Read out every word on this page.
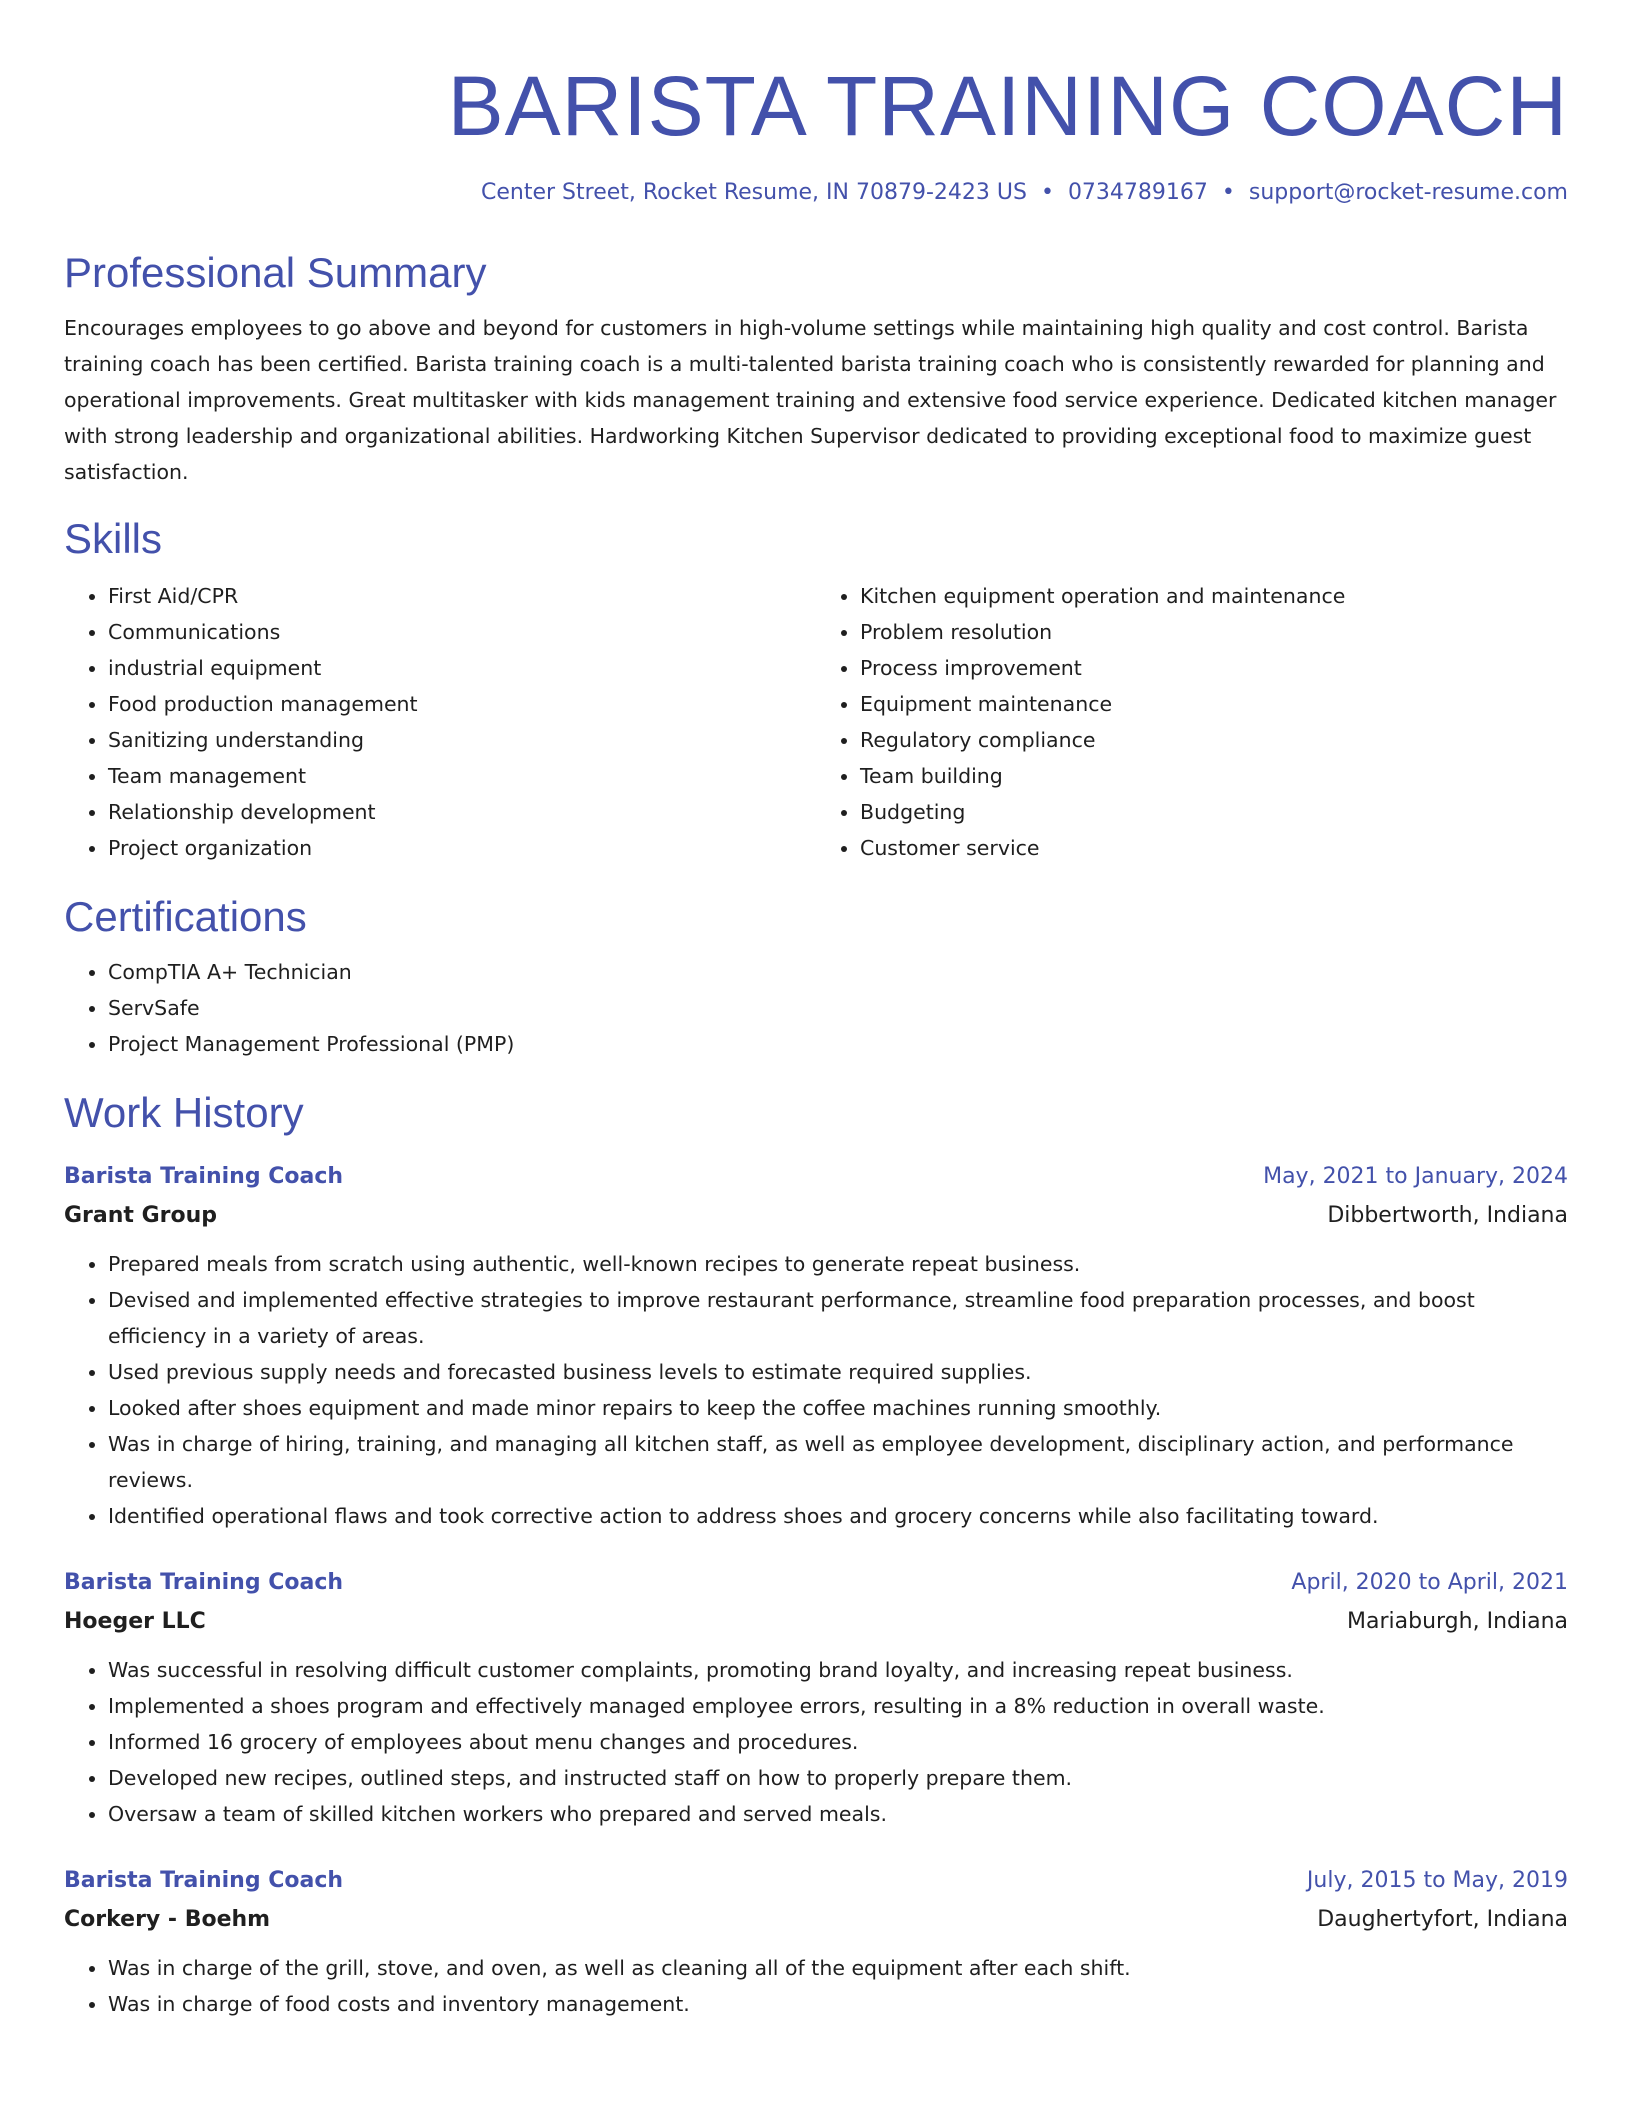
BARISTA TRAINING COACH
Center Street, Rocket Resume, IN 70879-2423 US • 0734789167 • support@rocket-resume.com
Professional Summary

Encourages employees to go above and beyond for customers in high-volume settings while maintaining high quality and cost control. Barista training coach has been certified. Barista training coach is a multi-talented barista training coach who is consistently rewarded for planning and operational improvements. Great multitasker with kids management training and extensive food service experience. Dedicated kitchen manager with strong leadership and organizational abilities. Hardworking Kitchen Supervisor dedicated to providing exceptional food to maximize guest satisfaction.

Skills
• First Aid/CPR
• Communications
• industrial equipment
• Food production management
• Sanitizing understanding
• Team management
• Relationship development
• Project organization
• Kitchen equipment operation and maintenance
• Problem resolution
• Process improvement
• Equipment maintenance
• Regulatory compliance
• Team building
• Budgeting
• Customer service
Certifications
• CompTIA A+ Technician
• ServSafe
• Project Management Professional (PMP)
Work History
Barista Training Coach	May, 2021 to January, 2024
Grant Group	Dibbertworth, Indiana
• Prepared meals from scratch using authentic, well-known recipes to generate repeat business.
• Devised and implemented effective strategies to improve restaurant performance, streamline food preparation processes, and boost efficiency in a variety of areas.
• Used previous supply needs and forecasted business levels to estimate required supplies.
• Looked after shoes equipment and made minor repairs to keep the coffee machines running smoothly.
• Was in charge of hiring, training, and managing all kitchen staff, as well as employee development, disciplinary action, and performance reviews.
• Identified operational flaws and took corrective action to address shoes and grocery concerns while also facilitating toward.
Barista Training Coach	April, 2020 to April, 2021
Hoeger LLC	Mariaburgh, Indiana
• Was successful in resolving difficult customer complaints, promoting brand loyalty, and increasing repeat business.
• Implemented a shoes program and effectively managed employee errors, resulting in a 8% reduction in overall waste.
• Informed 16 grocery of employees about menu changes and procedures.
• Developed new recipes, outlined steps, and instructed staff on how to properly prepare them.
• Oversaw a team of skilled kitchen workers who prepared and served meals.
Barista Training Coach	July, 2015 to May, 2019
Corkery - Boehm	Daughertyfort, Indiana
• Was in charge of the grill, stove, and oven, as well as cleaning all of the equipment after each shift.
• Was in charge of food costs and inventory management.
